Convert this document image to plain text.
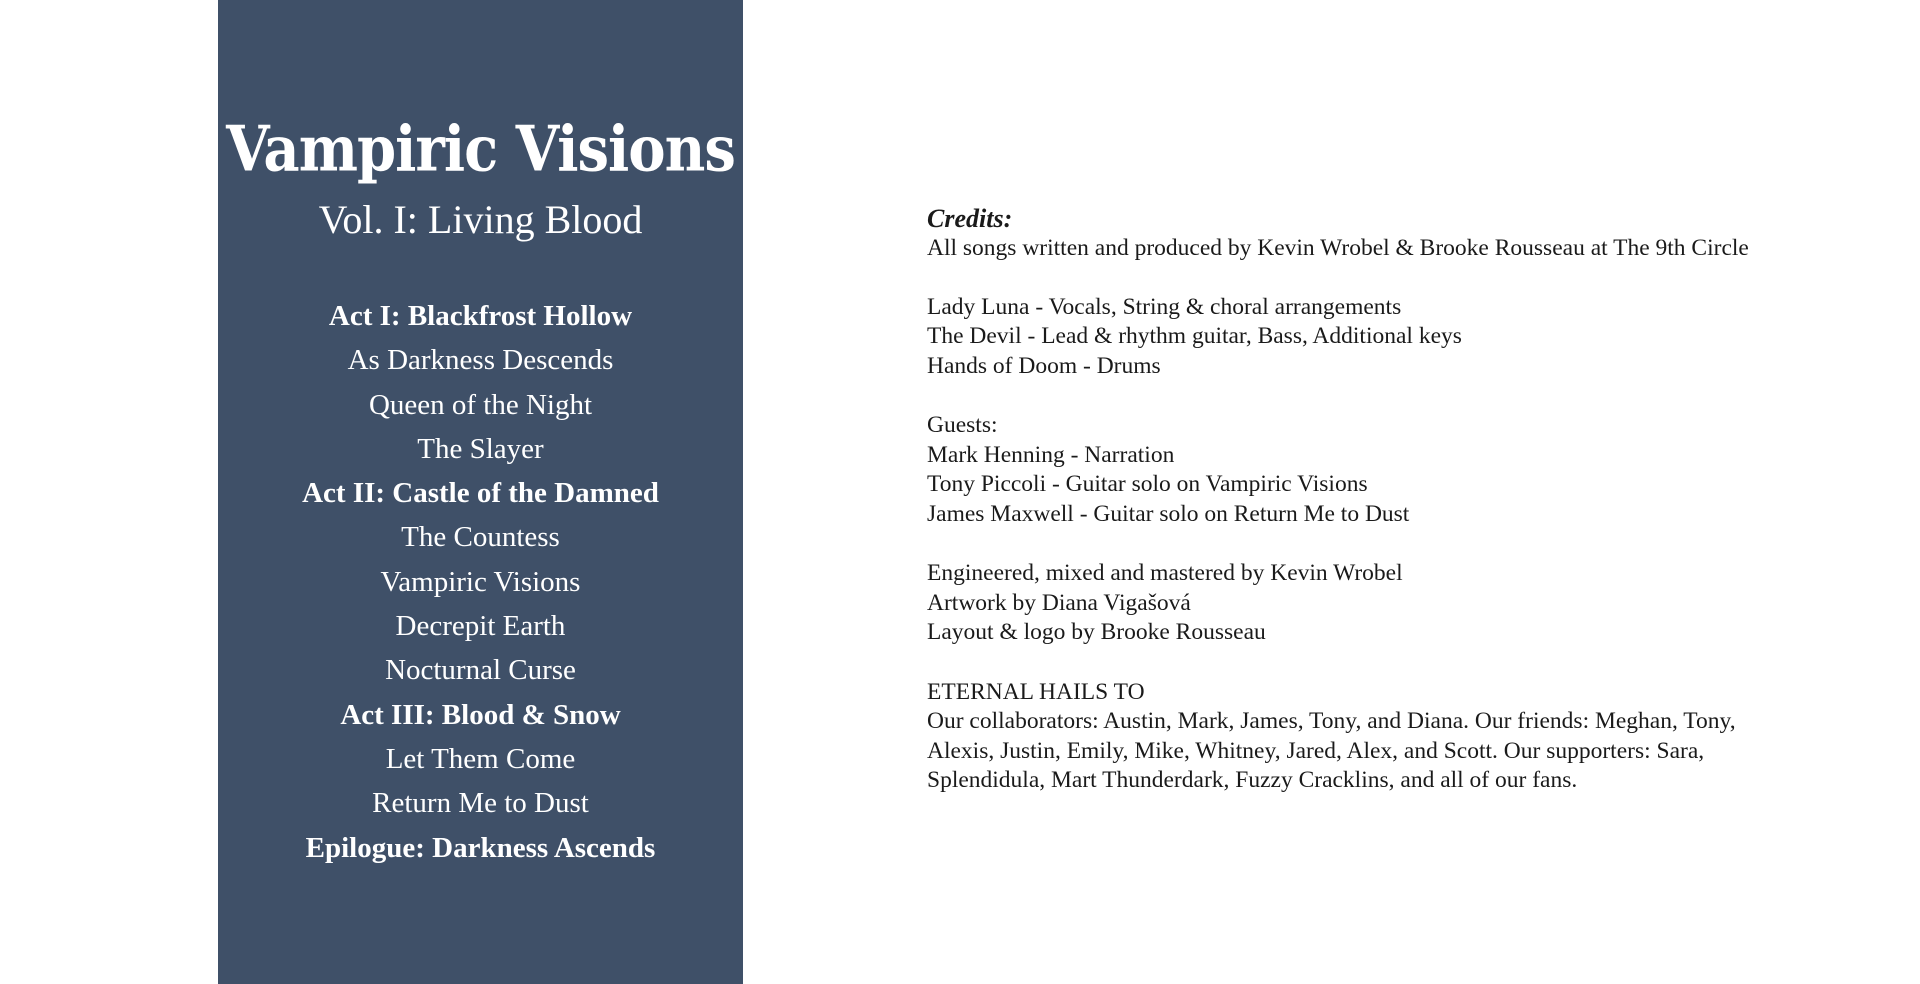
Vampiric Visions
Vol. I: Living Blood
Act I: Blackfrost Hollow
As Darkness Descends
Queen of the Night
The Slayer
Act II: Castle of the Damned
The Countess
Vampiric Visions
Decrepit Earth
Nocturnal Curse
Act III: Blood & Snow
Let Them Come
Return Me to Dust
Epilogue: Darkness Ascends

Credits:

All songs written and produced by Kevin Wrobel & Brooke Rousseau at The 9th Circle

Lady Luna - Vocals, String & choral arrangements

The Devil - Lead & rhythm guitar, Bass, Additional keys

Hands of Doom - Drums

Guests:

Mark Henning - Narration

Tony Piccoli - Guitar solo on Vampiric Visions

James Maxwell - Guitar solo on Return Me to Dust

Engineered, mixed and mastered by Kevin Wrobel

Artwork by Diana Vigašová

Layout & logo by Brooke Rousseau

ETERNAL HAILS TO

Our collaborators: Austin, Mark, James, Tony, and Diana. Our friends: Meghan, Tony, Alexis, Justin, Emily, Mike, Whitney, Jared, Alex, and Scott. Our supporters: Sara, Splendidula, Mart Thunderdark, Fuzzy Cracklins, and all of our fans.
